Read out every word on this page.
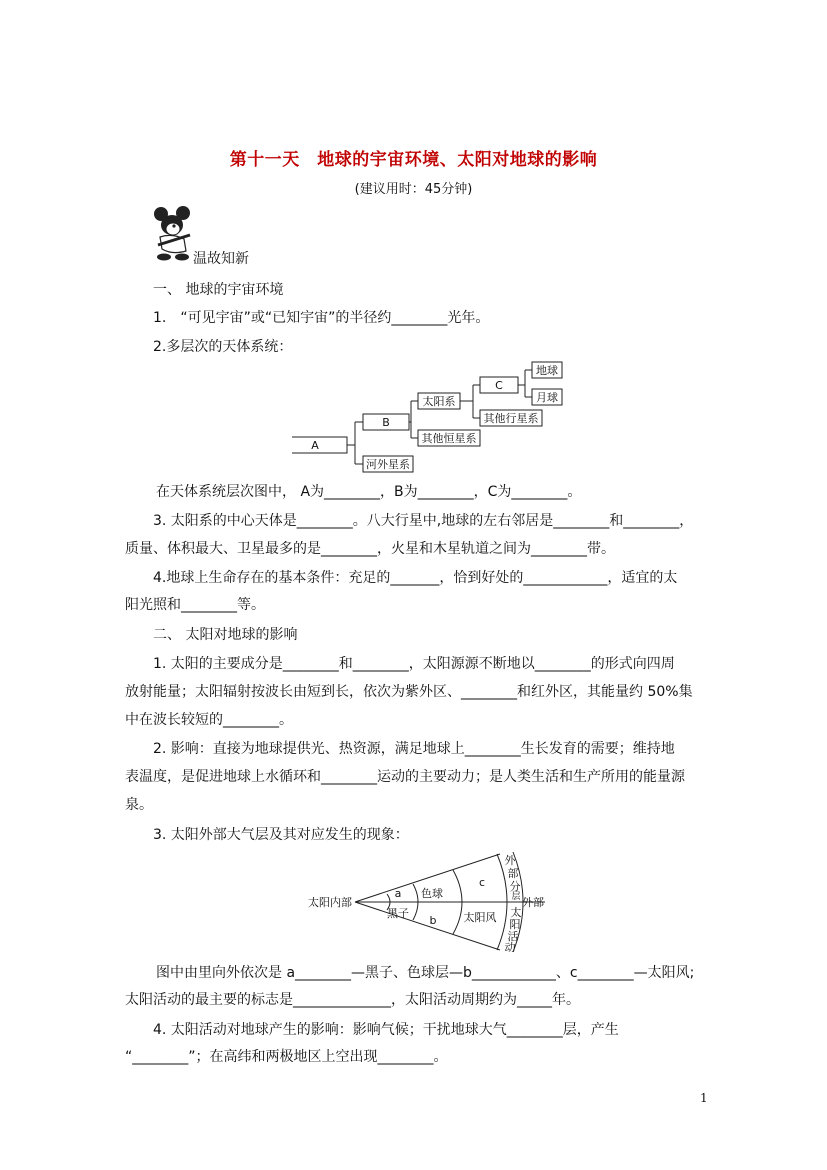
第十一天　地球的宇宙环境、太阳对地球的影响
(建议用时：45分钟)
温故知新
一、 地球的宇宙环境
1.　“可见宇宙”或“已知宇宙”的半径约________光年。
2.多层次的天体系统：
A
B
河外星系
太阳系
其他恒星系
C
其他行星系
地球
月球
在天体系统层次图中， A为________，B为________，C为________。
3. 太阳系的中心天体是________。八大行星中,地球的左右邻居是________和________，
质量、体积最大、卫星最多的是________，火星和木星轨道之间为________带。
4.地球上生命存在的基本条件：充足的_______，恰到好处的____________，适宜的太
阳光照和________等。
二、 太阳对地球的影响
1. 太阳的主要成分是________和________，太阳源源不断地以________的形式向四周
放射能量；太阳辐射按波长由短到长，依次为紫外区、________和红外区，其能量约 50%集
中在波长较短的________。
2. 影响：直接为地球提供光、热资源，满足地球上________生长发育的需要；维持地
表温度，是促进地球上水循环和________运动的主要动力；是人类生活和生产所用的能量源
泉。
3. 太阳外部大气层及其对应发生的现象：
太阳内部	外部
a 色球
c
黑子
b 太阳风
外
部
分
层
太
阳
活
动
图中由里向外依次是 a________—黑子、色球层—b____________、c________—太阳风;
太阳活动的最主要的标志是______________，太阳活动周期约为_____年。
4. 太阳活动对地球产生的影响：影响气候；干扰地球大气________层，产生
“________”；在高纬和两极地区上空出现________。
1
